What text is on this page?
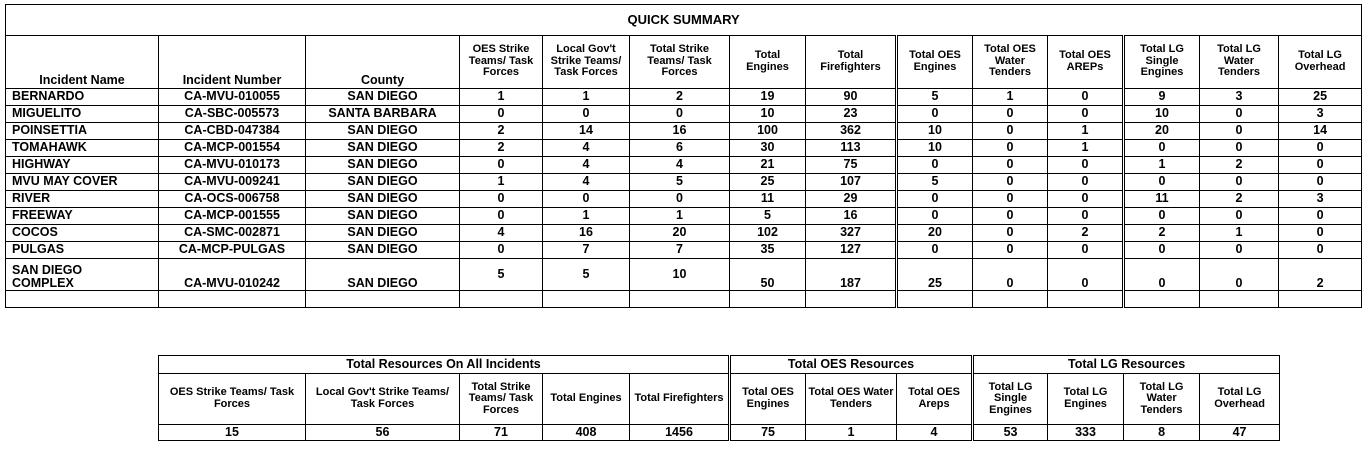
QUICK SUMMARY													
Incident Name	Incident Number	County	OES Strike Teams/ Task Forces	Local Gov't Strike Teams/ Task Forces	Total Strike Teams/ Task Forces	Total Engines	Total Firefighters	Total OES Engines	Total OES Water Tenders	Total OES AREPs	Total LG Single Engines	Total LG Water Tenders	Total LG Overhead
BERNARDO	CA-MVU-010055	SAN DIEGO	1	1	2	19	90	5	1	0	9	3	25
MIGUELITO	CA-SBC-005573	SANTA BARBARA	0	0	0	10	23	0	0	0	10	0	3
POINSETTIA	CA-CBD-047384	SAN DIEGO	2	14	16	100	362	10	0	1	20	0	14
TOMAHAWK	CA-MCP-001554	SAN DIEGO	2	4	6	30	113	10	0	1	0	0	0
HIGHWAY	CA-MVU-010173	SAN DIEGO	0	4	4	21	75	0	0	0	1	2	0
MVU MAY COVER	CA-MVU-009241	SAN DIEGO	1	4	5	25	107	5	0	0	0	0	0
RIVER	CA-OCS-006758	SAN DIEGO	0	0	0	11	29	0	0	0	11	2	3
FREEWAY	CA-MCP-001555	SAN DIEGO	0	1	1	5	16	0	0	0	0	0	0
COCOS	CA-SMC-002871	SAN DIEGO	4	16	20	102	327	20	0	2	2	1	0
PULGAS	CA-MCP-PULGAS	SAN DIEGO	0	7	7	35	127	0	0	0	0	0	0
SAN DIEGO
COMPLEX	CA-MVU-010242	SAN DIEGO	5	5	10	50	187	25	0	0	0	0	2

Total Resources On All Incidents					Total OES Resources			Total LG Resources			
OES Strike Teams/ Task Forces	Local Gov't Strike Teams/ Task Forces	Total Strike Teams/ Task Forces	Total Engines	Total Firefighters	Total OES Engines	Total OES Water Tenders	Total OES Areps	Total LG Single Engines	Total LG Engines	Total LG Water Tenders	Total LG Overhead
15	56	71	408	1456	75	1	4	53	333	8	47
